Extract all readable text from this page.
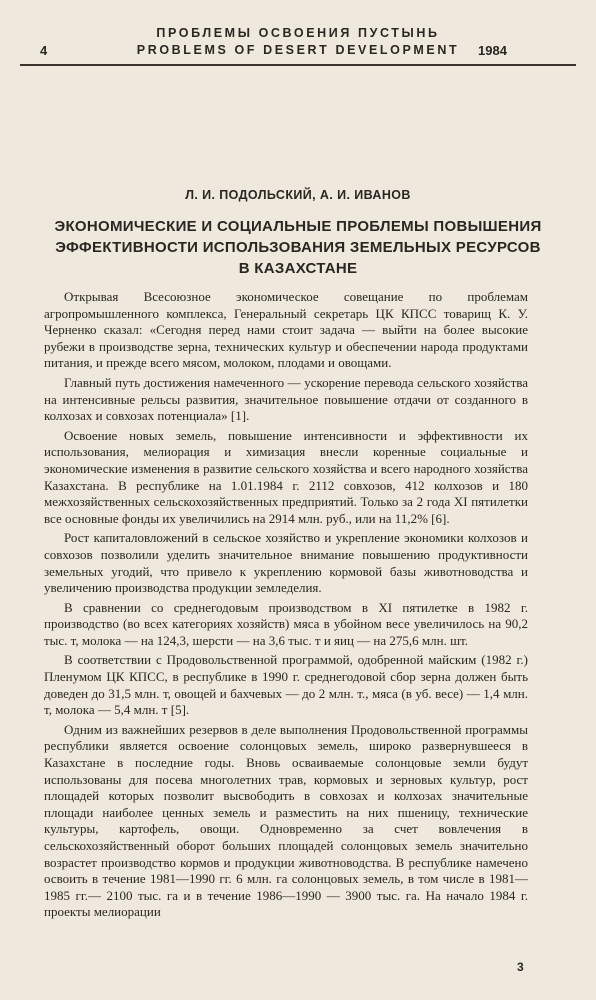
ПРОБЛЕМЫ ОСВОЕНИЯ ПУСТЫНЬ
4	PROBLEMS OF DESERT DEVELOPMENT	1984
Л. И. ПОДОЛЬСКИЙ, А. И. ИВАНОВ
ЭКОНОМИЧЕСКИЕ И СОЦИАЛЬНЫЕ ПРОБЛЕМЫ ПОВЫШЕНИЯ
ЭФФЕКТИВНОСТИ ИСПОЛЬЗОВАНИЯ ЗЕМЕЛЬНЫХ РЕСУРСОВ
В КАЗАХСТАНЕ

Открывая Всесоюзное экономическое совещание по проблемам агропромышленного комплекса, Генеральный секретарь ЦК КПСС товарищ К. У. Черненко сказал: «Сегодня перед нами стоит задача — выйти на более высокие рубежи в производстве зерна, технических культур и обеспечении народа продуктами питания, и прежде всего мясом, молоком, плодами и овощами.

Главный путь достижения намеченного — ускорение перевода сельского хозяйства на интенсивные рельсы развития, значительное повышение отдачи от созданного в колхозах и совхозах потенциала» [1].

Освоение новых земель, повышение интенсивности и эффективности их использования, мелиорация и химизация внесли коренные социальные и экономические изменения в развитие сельского хозяйства и всего народного хозяйства Казахстана. В республике на 1.01.1984 г. 2112 совхозов, 412 колхозов и 180 межхозяйственных сельскохозяйственных предприятий. Только за 2 года XI пятилетки все основные фонды их увеличились на 2914 млн. руб., или на 11,2% [6].

Рост капиталовложений в сельское хозяйство и укрепление экономики колхозов и совхозов позволили уделить значительное внимание повышению продуктивности земельных угодий, что привело к укреплению кормовой базы животноводства и увеличению производства продукции земледелия.

В сравнении со среднегодовым производством в XI пятилетке в 1982 г. производство (во всех категориях хозяйств) мяса в убойном весе увеличилось на 90,2 тыс. т, молока — на 124,3, шерсти — на 3,6 тыс. т и яиц — на 275,6 млн. шт.

В соответствии с Продовольственной программой, одобренной майским (1982 г.) Пленумом ЦК КПСС, в республике в 1990 г. среднегодовой сбор зерна должен быть доведен до 31,5 млн. т, овощей и бахчевых — до 2 млн. т., мяса (в уб. весе) — 1,4 млн. т, молока — 5,4 млн. т [5].

Одним из важнейших резервов в деле выполнения Продовольственной программы республики является освоение солонцовых земель, широко развернувшееся в Казахстане в последние годы. Вновь осваиваемые солонцовые земли будут использованы для посева многолетних трав, кормовых и зерновых культур, рост площадей которых позволит высвободить в совхозах и колхозах значительные площади наиболее ценных земель и разместить на них пшеницу, технические культуры, картофель, овощи. Одновременно за счет вовлечения в сельскохозяйственный оборот больших площадей солонцовых земель значительно возрастет производство кормов и продукции животноводства. В республике намечено освоить в течение 1981—1990 гг. 6 млн. га солонцовых земель, в том числе в 1981—1985 гг.— 2100 тыс. га и в течение 1986—1990 — 3900 тыс. га. На начало 1984 г. проекты мелиорации

3
